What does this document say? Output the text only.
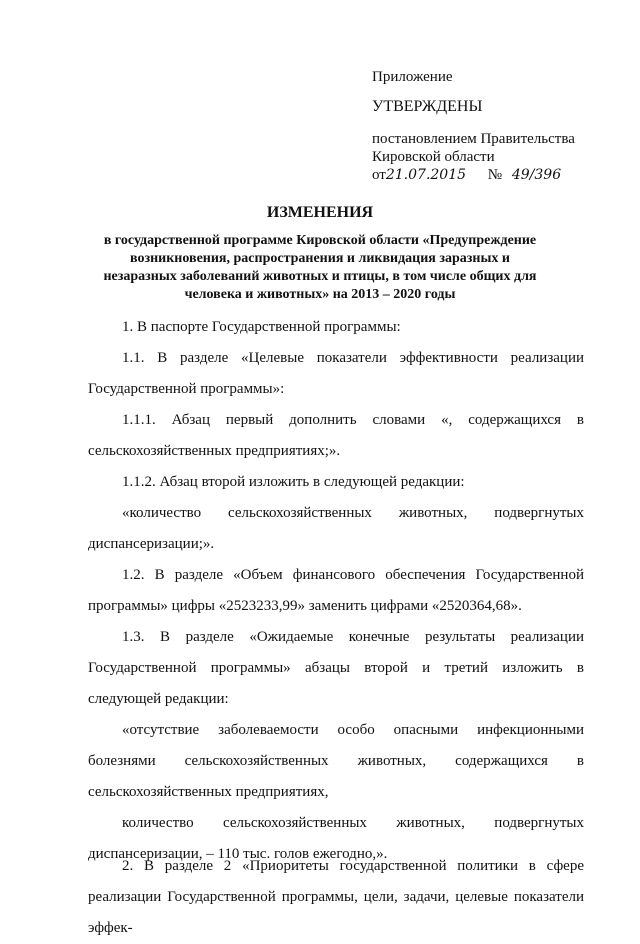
Приложение
УТВЕРЖДЕНЫ
постановлением Правительства
Кировской области
от21.07.2015 № 49/396
ИЗМЕНЕНИЯ
в государственной программе Кировской области «Предупреждение возникновения, распространения и ликвидация заразных и незаразных заболеваний животных и птицы, в том числе общих для человека и животных» на 2013 – 2020 годы
1. В паспорте Государственной программы:
1.1. В разделе «Целевые показатели эффективности реализации Государственной программы»:
1.1.1. Абзац первый дополнить словами «, содержащихся в сельскохозяйственных предприятиях;».
1.1.2. Абзац второй изложить в следующей редакции:
«количество сельскохозяйственных животных, подвергнутых диспансеризации;».
1.2. В разделе «Объем финансового обеспечения Государственной программы» цифры «2523233,99» заменить цифрами «2520364,68».
1.3. В разделе «Ожидаемые конечные результаты реализации Государственной программы» абзацы второй и третий изложить в следующей редакции:
«отсутствие заболеваемости особо опасными инфекционными болезнями сельскохозяйственных животных, содержащихся в сельскохозяйственных предприятиях,
количество сельскохозяйственных животных, подвергнутых диспансеризации, – 110 тыс. голов ежегодно,».
2. В разделе 2 «Приоритеты государственной политики в сфере реализации Государственной программы, цели, задачи, целевые показатели эффек-
